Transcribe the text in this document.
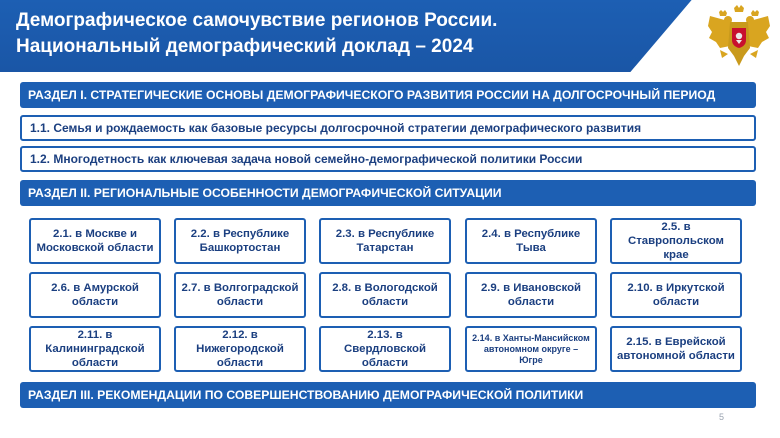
Демографическое самочувствие регионов России.
Национальный демографический доклад – 2024
РАЗДЕЛ I. СТРАТЕГИЧЕСКИЕ ОСНОВЫ ДЕМОГРАФИЧЕСКОГО РАЗВИТИЯ РОССИИ НА ДОЛГОСРОЧНЫЙ ПЕРИОД
1.1. Семья и рождаемость как базовые ресурсы долгосрочной стратегии демографического развития
1.2. Многодетность как ключевая задача новой семейно-демографической политики России
РАЗДЕЛ II. РЕГИОНАЛЬНЫЕ ОСОБЕННОСТИ ДЕМОГРАФИЧЕСКОЙ СИТУАЦИИ
2.1. в Москве и Московской области
2.2. в Республике Башкортостан
2.3. в Республике Татарстан
2.4. в Республике Тыва
2.5. в Ставропольском крае
2.6. в Амурской области
2.7. в Волгоградской области
2.8. в Вологодской области
2.9. в Ивановской области
2.10. в Иркутской области
2.11. в Калининградской области
2.12. в Нижегородской области
2.13. в Свердловской области
2.14. в Ханты-Мансийском автономном округе – Югре
2.15. в Еврейской автономной области
РАЗДЕЛ III. РЕКОМЕНДАЦИИ ПО СОВЕРШЕНСТВОВАНИЮ ДЕМОГРАФИЧЕСКОЙ ПОЛИТИКИ
5
